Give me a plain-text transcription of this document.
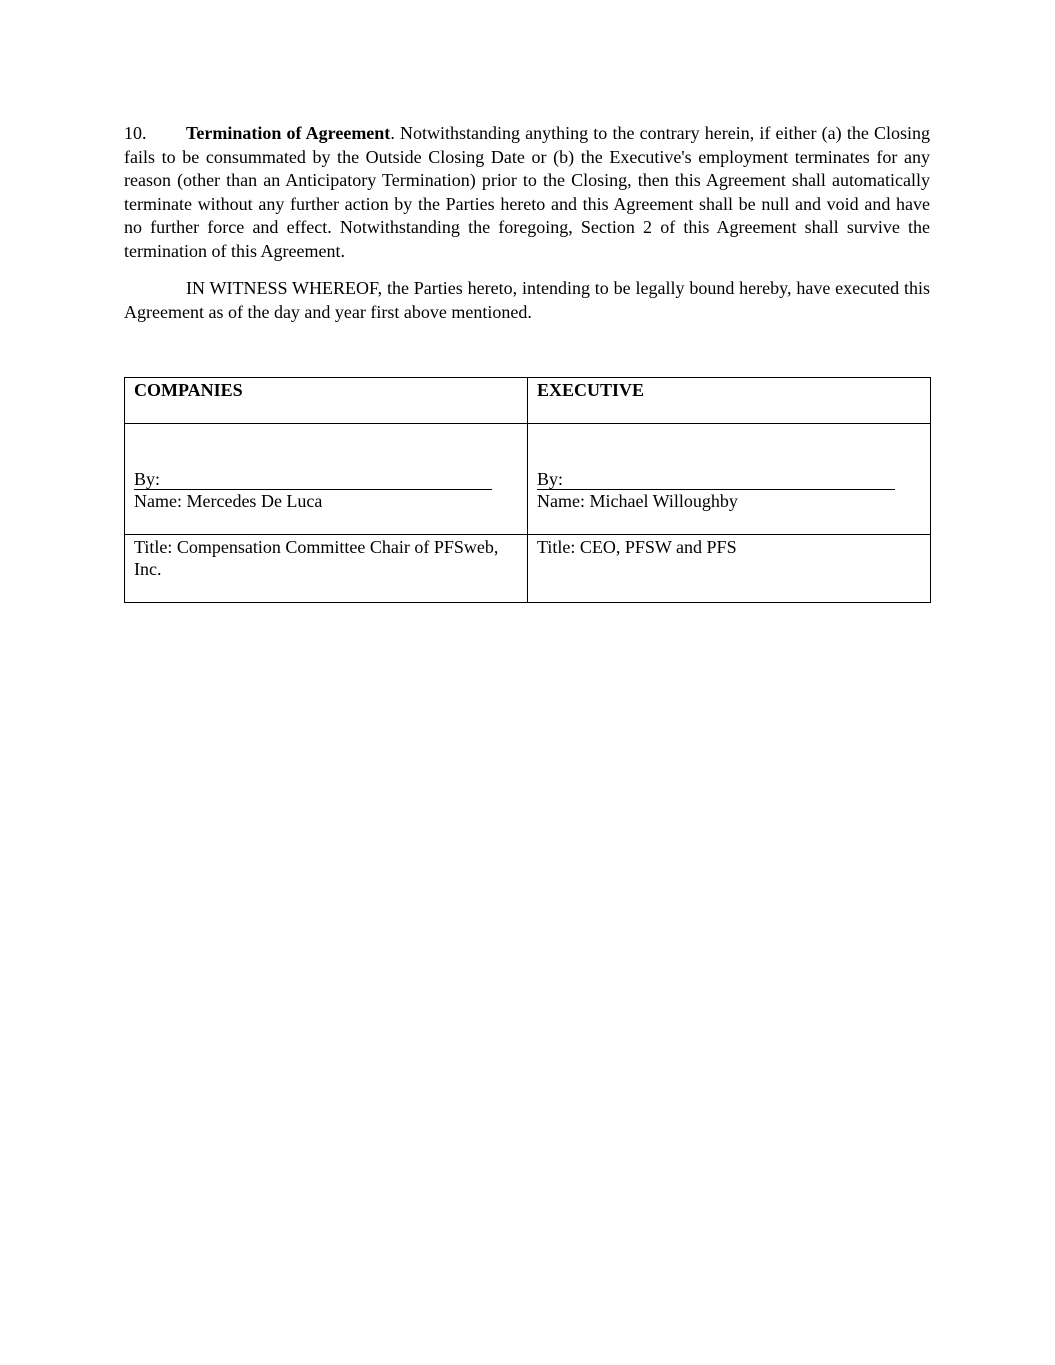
10. Termination of Agreement. Notwithstanding anything to the contrary herein, if either (a) the Closing fails to be consummated by the Outside Closing Date or (b) the Executive's employment terminates for any reason (other than an Anticipatory Termination) prior to the Closing, then this Agreement shall automatically terminate without any further action by the Parties hereto and this Agreement shall be null and void and have no further force and effect. Notwithstanding the foregoing, Section 2 of this Agreement shall survive the termination of this Agreement.

IN WITNESS WHEREOF, the Parties hereto, intending to be legally bound hereby, have executed this Agreement as of the day and year first above mentioned.

COMPANIES	EXECUTIVE

By:	By:

Name: Mercedes De Luca	Name: Michael Willoughby
Title: Compensation Committee Chair of PFSweb, Inc.	Title: CEO, PFSW and PFS
